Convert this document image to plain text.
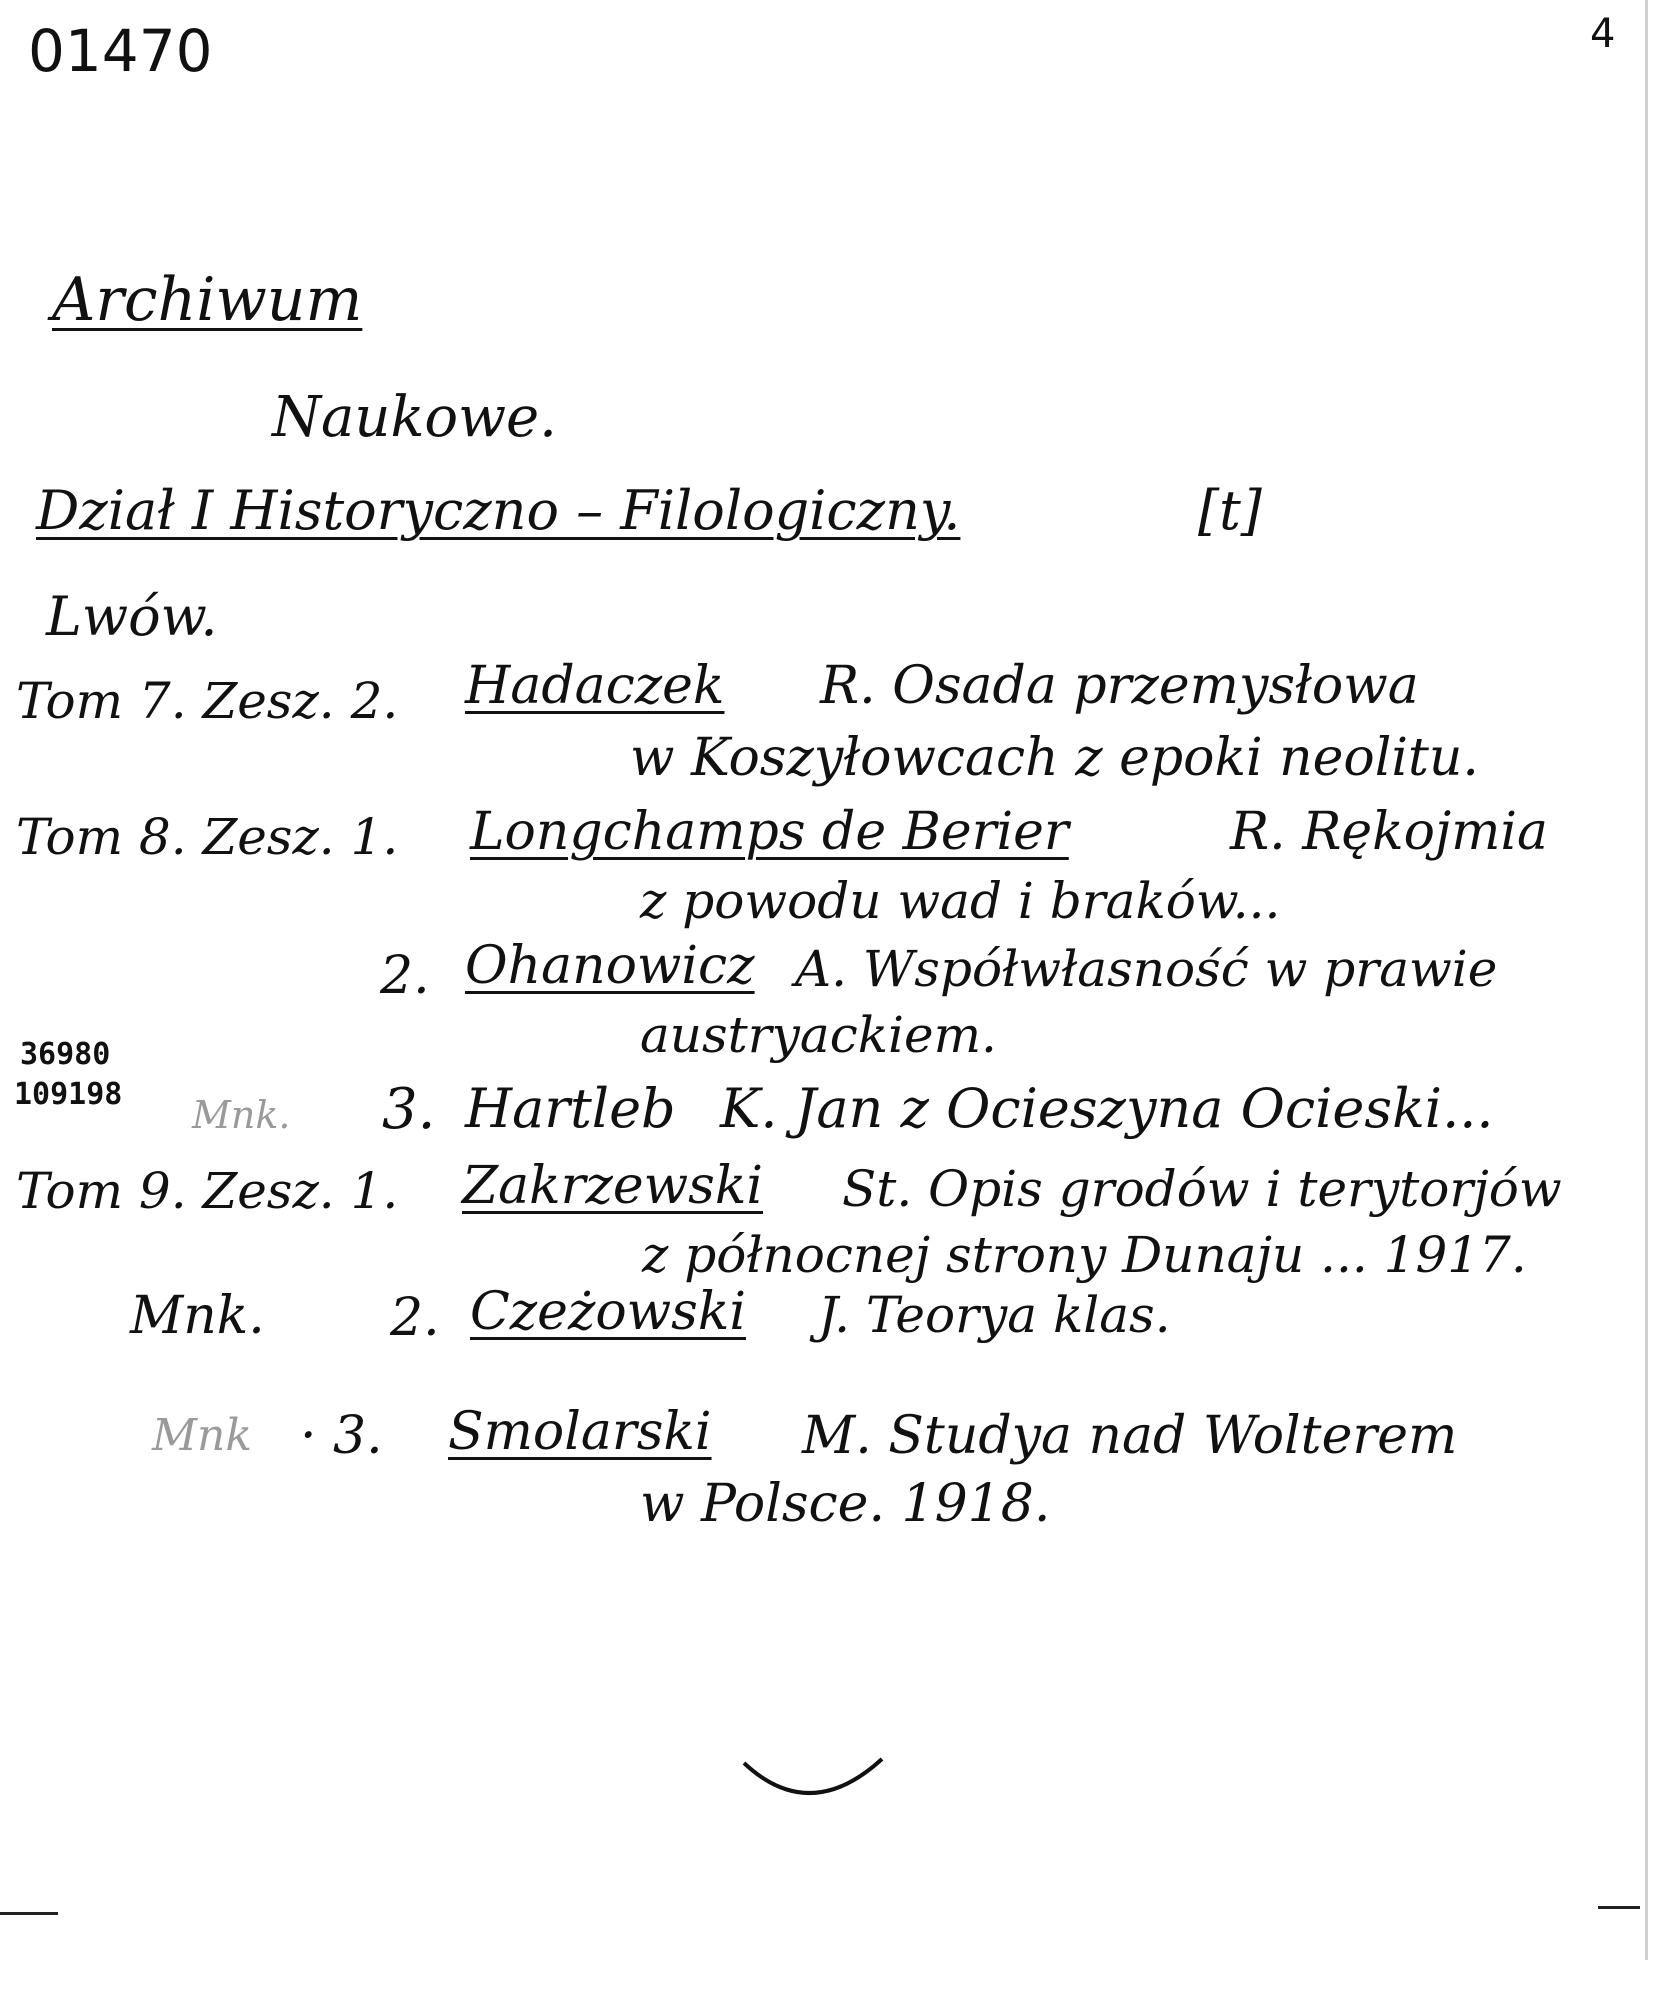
01470	4
Archiwum
Naukowe.
Dział I Historyczno – Filologiczny.	[t]
Lwów.
Tom 7. Zesz. 2. Hadaczek R. Osada przemysłowa
w Koszyłowcach z epoki neolitu.
Tom 8. Zesz. 1. Longchamps de Berier	R. Rękojmia
z powodu wad i braków...
2. Ohanowicz A. Współwłasność w prawie
austryackiem.
36980
109198 Mnk. 3. Hartleb K. Jan z Ocieszyna Ocieski...
Tom 9. Zesz. 1. Zakrzewski St. Opis grodów i terytorjów
z północnej strony Dunaju ... 1917.
Mnk. 2. Czeżowski J. Teorya klas.
Mnk · 3. Smolarski M. Studya nad Wolterem
w Polsce. 1918.
